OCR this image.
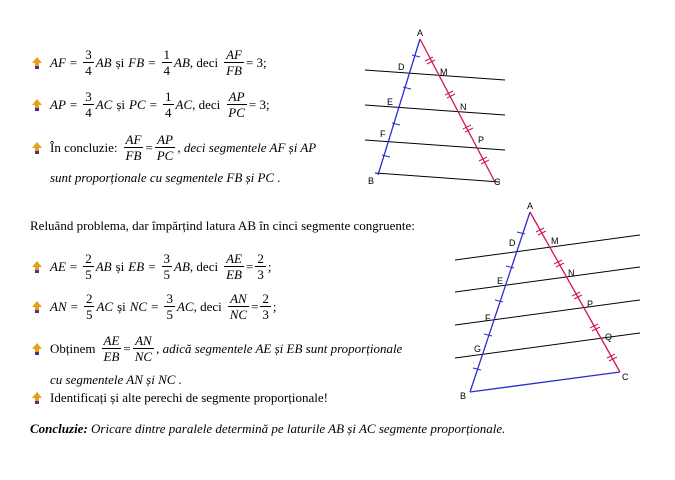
AF = $\frac{3}{4}$ AB și FB = $\frac{1}{4}$ AB , deci $\frac{AF}{FB} = 3$;
AP = $\frac{3}{4}$ AC și PC = $\frac{1}{4}$ AC , deci $\frac{AP}{PC} = 3$;
În concluzie: $\frac{AF}{FB} = \frac{AP}{PC}$ , deci segmentele AF și AP
sunt proporționale cu segmentele FB și PC .
A
D	M
E	N
F
P
B	C
Reluând problema, dar împărțind latura AB în cinci segmente congruente:
AE = $\frac{2}{5}$ AB și EB = $\frac{3}{5}$ AB , deci $\frac{AE}{EB} = \frac{2}{3}$ ;
AN = $\frac{2}{5}$ AC și NC = $\frac{3}{5}$ AC , deci $\frac{AN}{NC} = \frac{2}{3}$ ;
Obținem $\frac{AE}{EB} = \frac{AN}{NC}$ , adică segmentele AE și EB sunt proporționale
cu segmentele AN și NC .
Identificați și alte perechi de segmente proporționale!
A
D	M
E
N
F
P
G
Q
B
C
Concluzie: Oricare dintre paralele determină pe laturile AB și AC segmente proporționale.
